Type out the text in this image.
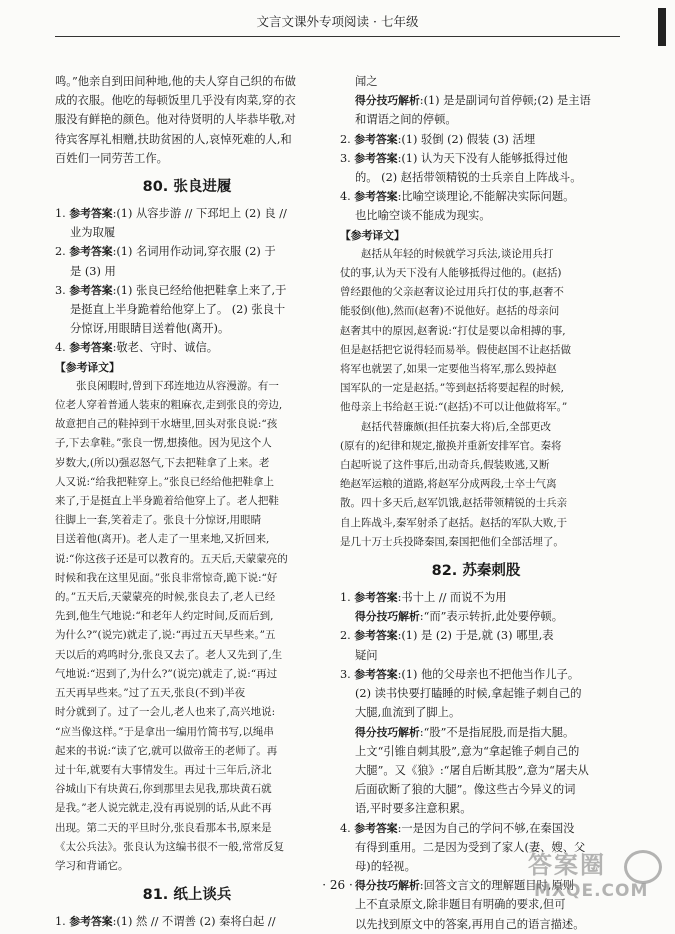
文言文课外专项阅读 · 七年级

鸣。”他亲自到田间种地,他的夫人穿自己织的布做

成的衣服。他吃的每顿饭里几乎没有肉菜,穿的衣

服没有鲜艳的颜色。他对待贤明的人毕恭毕敬,对

待宾客厚礼相赠,扶助贫困的人,哀悼死难的人,和

百姓们一同劳苦工作。

80. 张良进履

1. 参考答案:(1) 从容步游 // 下邳圯上 (2) 良 //

业为取履

2. 参考答案:(1) 名词用作动词,穿衣服 (2) 于

是 (3) 用

3. 参考答案:(1) 张良已经给他把鞋拿上来了,于

是挺直上半身跪着给他穿上了。 (2) 张良十

分惊讶,用眼睛目送着他(离开)。

4. 参考答案:敬老、守时、诚信。

【参考译文】

张良闲暇时,曾到下邳连地边从容漫游。有一

位老人穿着普通人装束的粗麻衣,走到张良的旁边,

故意把自己的鞋掉到干水塘里,回头对张良说:“孩

子,下去拿鞋。”张良一愣,想揍他。因为见这个人

岁数大,(所以)强忍怒气,下去把鞋拿了上来。老

人又说:“给我把鞋穿上。”张良已经给他把鞋拿上

来了,于是挺直上半身跪着给他穿上了。老人把鞋

往脚上一套,笑着走了。张良十分惊讶,用眼睛

目送着他(离开)。老人走了一里来地,又折回来,

说:“你这孩子还是可以教育的。五天后,天蒙蒙亮的

时候和我在这里见面。”张良非常惊奇,跪下说:“好

的。”五天后,天蒙蒙亮的时候,张良去了,老人已经

先到,他生气地说:“和老年人约定时间,反而后到,

为什么?”(说完)就走了,说:“再过五天早些来。”五

天以后的鸡鸣时分,张良又去了。老人又先到了,生

气地说:“迟到了,为什么?”(说完)就走了,说:“再过

五天再早些来。”过了五天,张良(不到)半夜

时分就到了。过了一会儿,老人也来了,高兴地说:

“应当像这样。”于是拿出一编用竹简书写,以绳串

起来的书说:“读了它,就可以做帝王的老师了。再

过十年,就要有大事情发生。再过十三年后,济北

谷城山下有块黄石,你到那里去见我,那块黄石就

是我。”老人说完就走,没有再说别的话,从此不再

出现。第二天的平旦时分,张良看那本书,原来是

《太公兵法》。张良认为这编书很不一般,常常反复

学习和背诵它。

81. 纸上谈兵

1. 参考答案:(1) 然 // 不谓善 (2) 秦将白起 //

闻之

得分技巧解析:(1) 是是副词句首停顿;(2) 是主语

和谓语之间的停顿。

2. 参考答案:(1) 驳倒 (2) 假装 (3) 活埋

3. 参考答案:(1) 认为天下没有人能够抵得过他

的。 (2) 赵括带领精锐的士兵亲自上阵战斗。

4. 参考答案:比喻空谈理论,不能解决实际问题。

也比喻空谈不能成为现实。

【参考译文】

赵括从年轻的时候就学习兵法,谈论用兵打

仗的事,认为天下没有人能够抵得过他的。(赵括)

曾经跟他的父亲赵奢议论过用兵打仗的事,赵奢不

能驳倒(他),然而(赵奢)不说他好。赵括的母亲问

赵奢其中的原因,赵奢说:“打仗是要以命相搏的事,

但是赵括把它说得轻而易举。假使赵国不让赵括做

将军也就罢了,如果一定要他当将军,那么毁掉赵

国军队的一定是赵括。”等到赵括将要起程的时候,

他母亲上书给赵王说:“(赵括)不可以让他做将军。”

赵括代替廉颇(担任抗秦大将)后,全部更改

(原有的)纪律和规定,撤换并重新安排军官。秦将

白起听说了这件事后,出动奇兵,假装败逃,又断

绝赵军运粮的道路,将赵军分成两段,士卒士气离

散。四十多天后,赵军饥饿,赵括带领精锐的士兵亲

自上阵战斗,秦军射杀了赵括。赵括的军队大败,于

是几十万士兵投降秦国,秦国把他们全部活埋了。

82. 苏秦刺股

1. 参考答案:书十上 // 而说不为用

得分技巧解析:“而”表示转折,此处要停顿。

2. 参考答案:(1) 是 (2) 于是,就 (3) 哪里,表

疑问

3. 参考答案:(1) 他的父母亲也不把他当作儿子。

(2) 读书快要打瞌睡的时候,拿起锥子刺自己的

大腿,血流到了脚上。

得分技巧解析:“股”不是指屁股,而是指大腿。

上文“引锥自刺其股”,意为“拿起锥子刺自己的

大腿”。又《狼》:“屠自后断其股”,意为“屠夫从

后面砍断了狼的大腿”。像这些古今异义的词

语,平时要多注意积累。

4. 参考答案:一是因为自己的学问不够,在秦国没

有得到重用。二是因为受到了家人(妻、嫂、父

母)的轻视。

得分技巧解析:回答文言文的理解题目时,原则

上不直录原文,除非题目有明确的要求,但可

以先找到原文中的答案,再用自己的语言描述。

· 26 ·
答案圈
MXQE.COM
